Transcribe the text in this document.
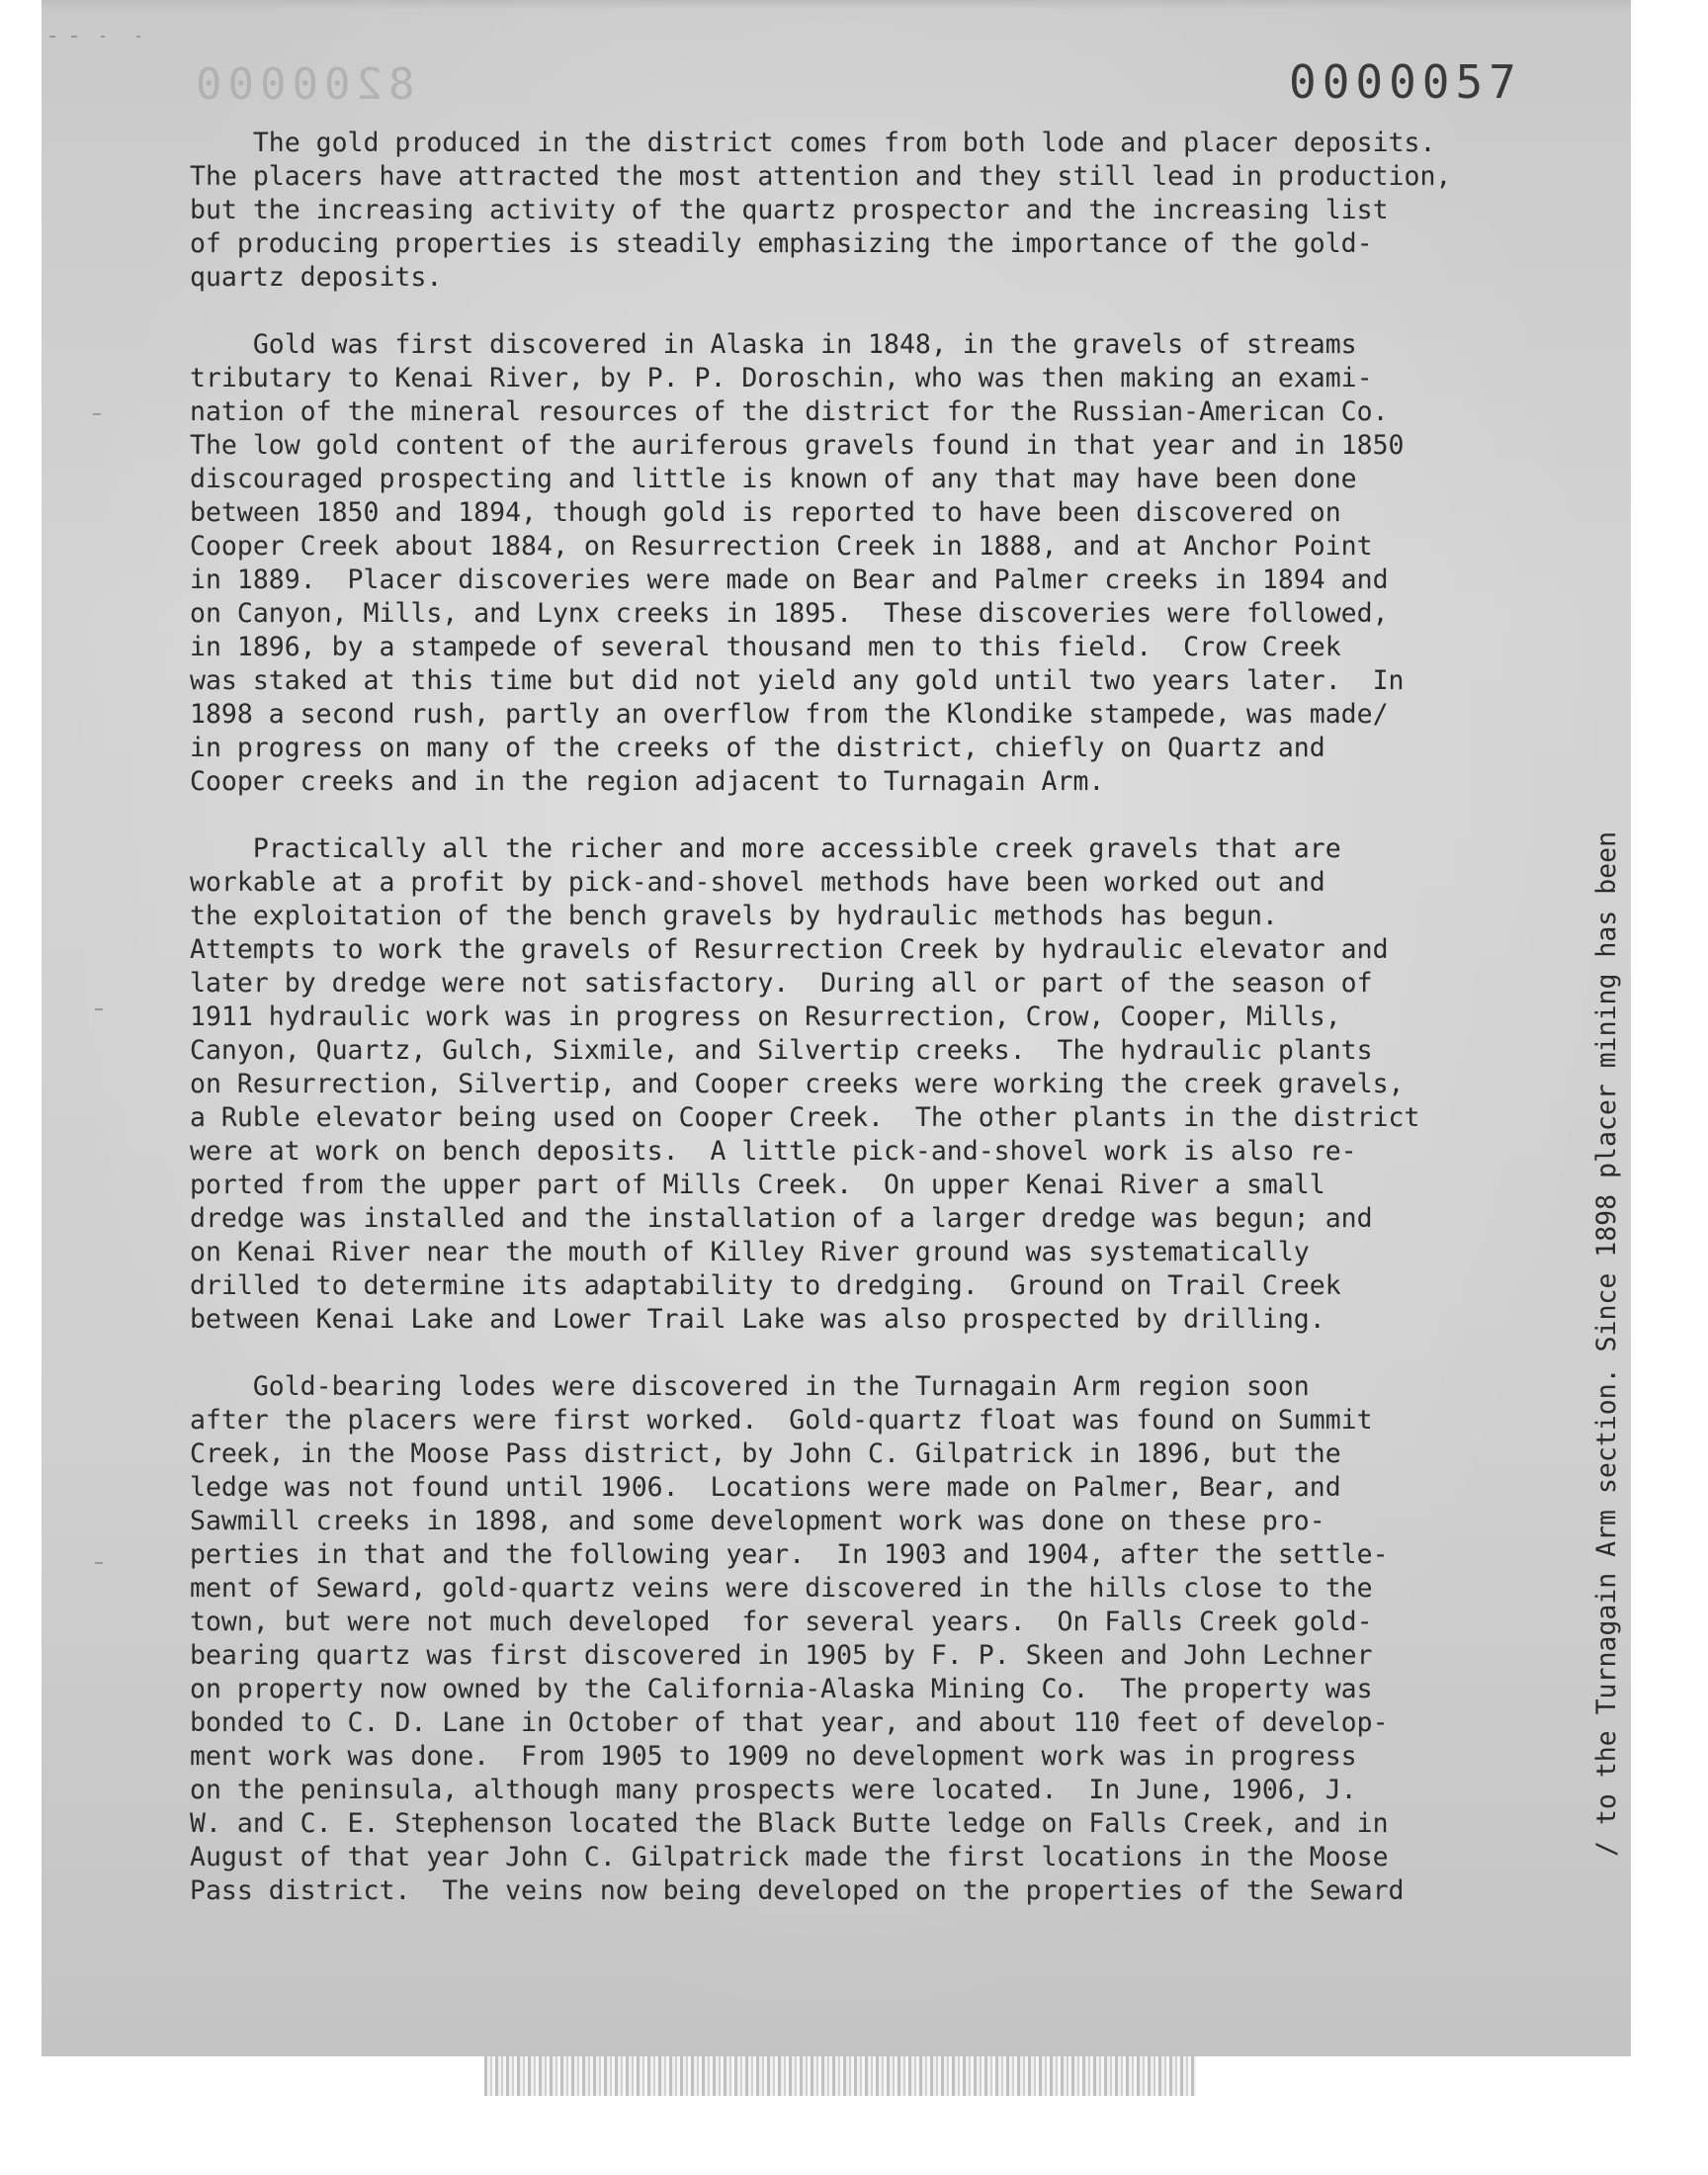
8200000	0000057

The gold produced in the district comes from both lode and placer deposits.
The placers have attracted the most attention and they still lead in production,
but the increasing activity of the quartz prospector and the increasing list
of producing properties is steadily emphasizing the importance of the gold-
quartz deposits.

Gold was first discovered in Alaska in 1848, in the gravels of streams
tributary to Kenai River, by P. P. Doroschin, who was then making an exami-
nation of the mineral resources of the district for the Russian-American Co.
The low gold content of the auriferous gravels found in that year and in 1850
discouraged prospecting and little is known of any that may have been done
between 1850 and 1894, though gold is reported to have been discovered on
Cooper Creek about 1884, on Resurrection Creek in 1888, and at Anchor Point
in 1889.  Placer discoveries were made on Bear and Palmer creeks in 1894 and
on Canyon, Mills, and Lynx creeks in 1895.  These discoveries were followed,
in 1896, by a stampede of several thousand men to this field.  Crow Creek
was staked at this time but did not yield any gold until two years later.  In
1898 a second rush, partly an overflow from the Klondike stampede, was made/
in progress on many of the creeks of the district, chiefly on Quartz and
Cooper creeks and in the region adjacent to Turnagain Arm.

Practically all the richer and more accessible creek gravels that are
workable at a profit by pick-and-shovel methods have been worked out and
the exploitation of the bench gravels by hydraulic methods has begun.
Attempts to work the gravels of Resurrection Creek by hydraulic elevator and
later by dredge were not satisfactory.  During all or part of the season of
1911 hydraulic work was in progress on Resurrection, Crow, Cooper, Mills,
Canyon, Quartz, Gulch, Sixmile, and Silvertip creeks.  The hydraulic plants
on Resurrection, Silvertip, and Cooper creeks were working the creek gravels,
a Ruble elevator being used on Cooper Creek.  The other plants in the district
were at work on bench deposits.  A little pick-and-shovel work is also re-
ported from the upper part of Mills Creek.  On upper Kenai River a small
dredge was installed and the installation of a larger dredge was begun; and
on Kenai River near the mouth of Killey River ground was systematically
drilled to determine its adaptability to dredging.  Ground on Trail Creek
between Kenai Lake and Lower Trail Lake was also prospected by drilling.

Gold-bearing lodes were discovered in the Turnagain Arm region soon
after the placers were first worked.  Gold-quartz float was found on Summit
Creek, in the Moose Pass district, by John C. Gilpatrick in 1896, but the
ledge was not found until 1906.  Locations were made on Palmer, Bear, and
Sawmill creeks in 1898, and some development work was done on these pro-
perties in that and the following year.  In 1903 and 1904, after the settle-
ment of Seward, gold-quartz veins were discovered in the hills close to the
town, but were not much developed  for several years.  On Falls Creek gold-
bearing quartz was first discovered in 1905 by F. P. Skeen and John Lechner
on property now owned by the California-Alaska Mining Co.  The property was
bonded to C. D. Lane in October of that year, and about 110 feet of develop-
ment work was done.  From 1905 to 1909 no development work was in progress
on the peninsula, although many prospects were located.  In June, 1906, J.
W. and C. E. Stephenson located the Black Butte ledge on Falls Creek, and in
August of that year John C. Gilpatrick made the first locations in the Moose
Pass district.  The veins now being developed on the properties of the Seward

/ to the Turnagain Arm section. Since 1898 placer mining has been
